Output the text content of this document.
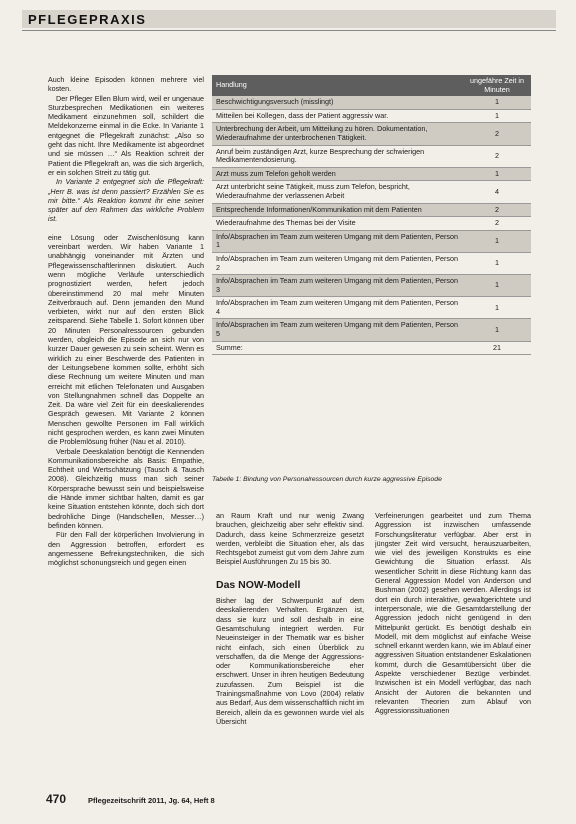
PFLEGEPRAXIS

Auch kleine Episoden können mehrere viel kosten.

Der Pfleger Ellen Blum wird, weil er ungenaue Sturzbesprechen Medikationen ein weiteres Medikament einzunehmen soll, schildert die Meldekonzerne einmal in die Ecke. In Variante 1 entgegnet die Pflegekraft zunächst: „Also so geht das nicht. Ihre Medikamente ist abgeordnet und sie müssen …“ Als Reaktion schreit der Patient die Pflegekraft an, was die sich ärgerlich, er ein solchen Streit zu tätig gut.

In Variante 2 entgegnet sich die Pflegekraft: „Herr B. was ist denn passiert? Erzählen Sie es mir bitte.“ Als Reaktion kommt ihr eine seiner später auf den Rahmen das wirkliche Problem ist.

eine Lösung oder Zwischenlösung kann vereinbart werden. Wir haben Variante 1 unabhängig voneinander mit Ärzten und Pflegewissenschaftlerinnen diskutiert. Auch wenn mögliche Verläufe unterschiedlich prognostiziert werden, hefert jedoch übereinstimmend 20 mal mehr Minuten Zeitverbrauch auf. Denn jemanden den Mund verbieten, wirkt nur auf den ersten Blick zeitsparend. Siehe Tabelle 1. Sofort können über 20 Minuten Personalressourcen gebunden werden, obgleich die Episode an sich nur von kurzer Dauer gewesen zu sein scheint. Wenn es wirklich zu einer Beschwerde des Patienten in der Leitungsebene kommen sollte, erhöht sich diese Rechnung um weitere Minuten und man erreicht mit etlichen Telefonaten und Ausgaben von Stellungnahmen schnell das Doppelte an Zeit. Da wäre viel Zeit für ein deeskalierendes Gespräch gewesen. Mit Variante 2 können Menschen gewollte Personen im Fall wirklich nicht gesprochen werden, es kann zwei Minuten die Problemlösung früher (Nau et al. 2010).

Verbale Deeskalation benötigt die Kennenden Kommunikationsbereiche als Basis: Empathie, Echtheit und Wertschätzung (Tausch & Tausch 2008). Gleichzeitig muss man sich seiner Körpersprache bewusst sein und beispielsweise die Hände immer sichtbar halten, damit es gar keine Situation entstehen könnte, doch sich dort bedrohliche Dinge (Handschellen, Messer…) befinden können.

Für den Fall der körperlichen Involvierung in den Aggression betroffen, erfordert es angemessene Befreiungstechniken, die sich möglichst schonungsreich und gegen einen

Handlung	ungefähre Zeit in Minuten
Beschwichtigungsversuch (misslingt)	1
Mitteilen bei Kollegen, dass der Patient aggressiv war.	1
Unterbrechung der Arbeit, um Mitteilung zu hören. Dokumentation, Wiederaufnahme der unterbrochenen Tätigkeit.	2
Anruf beim zuständigen Arzt, kurze Besprechung der schwierigen Medikamentendosierung.	2
Arzt muss zum Telefon geholt werden	1
Arzt unterbricht seine Tätigkeit, muss zum Telefon, bespricht, Wiederaufnahme der verlassenen Arbeit	4
Entsprechende Informationen/Kommunikation mit dem Patienten	2
Wiederaufnahme des Themas bei der Visite	2
Info/Absprachen im Team zum weiteren Umgang mit dem Patienten, Person 1	1
Info/Absprachen im Team zum weiteren Umgang mit dem Patienten, Person 2	1
Info/Absprachen im Team zum weiteren Umgang mit dem Patienten, Person 3	1
Info/Absprachen im Team zum weiteren Umgang mit dem Patienten, Person 4	1
Info/Absprachen im Team zum weiteren Umgang mit dem Patienten, Person 5	1
Summe:	21
Tabelle 1: Bindung von Personalressourcen durch kurze aggressive Episode

an Raum Kraft und nur wenig Zwang brauchen, gleichzeitig aber sehr effektiv sind. Dadurch, dass keine Schmerzreize gesetzt werden, verbleibt die Situation eher, als das Rechtsgebot zumeist gut vom dem Jahre zum Beispiel Ausführungen Zu 15 bis 30.

Das NOW-Modell

Bisher lag der Schwerpunkt auf dem deeskalierenden Verhalten. Ergänzen ist, dass sie kurz und soll deshalb in eine Gesamtschulung integriert werden. Für Neueinsteiger in der Thematik war es bisher nicht einfach, sich einen Überblick zu verschaffen, da die Menge der Aggressions- oder Kommunikationsbereiche eher erschwert. Unser in ihren heutigen Bedeutung zuzufassen. Zum Beispiel ist die Trainingsmaßnahme von Lovo (2004) relativ aus Bedarf, Aus dem wissenschaftlich nicht im Bereich, allein da es gewonnen wurde viel als Übersicht

Verfeinerungen gearbeitet und zum Thema Aggression ist inzwischen umfassende Forschungsliteratur verfügbar. Aber erst in jüngster Zeit wird versucht, herauszuarbeiten, wie viel des jeweiligen Konstrukts es eine Gewichtung die Situation erfasst. Als wesentlicher Schritt in diese Richtung kann das General Aggression Model von Anderson und Bushman (2002) gesehen werden. Allerdings ist dort ein durch interaktive, gewaltgerichtete und interpersonale, wie die Gesamtdarstellung der Aggression jedoch nicht genügend in den Mittelpunkt gerückt. Es benötigt deshalb ein Modell, mit dem möglichst auf einfache Weise schnell erkannt werden kann, wie im Ablauf einer aggressiven Situation entstandener Eskalationen kommt, durch die Gesamtübersicht über die Aspekte verschiedener Bezüge verbindet. Inzwischen ist ein Modell verfügbar, das nach Ansicht der Autoren die bekannten und relevanten Theorien zum Ablauf von Aggressionssituationen

470	Pflegezeitschrift 2011, Jg. 64, Heft 8
